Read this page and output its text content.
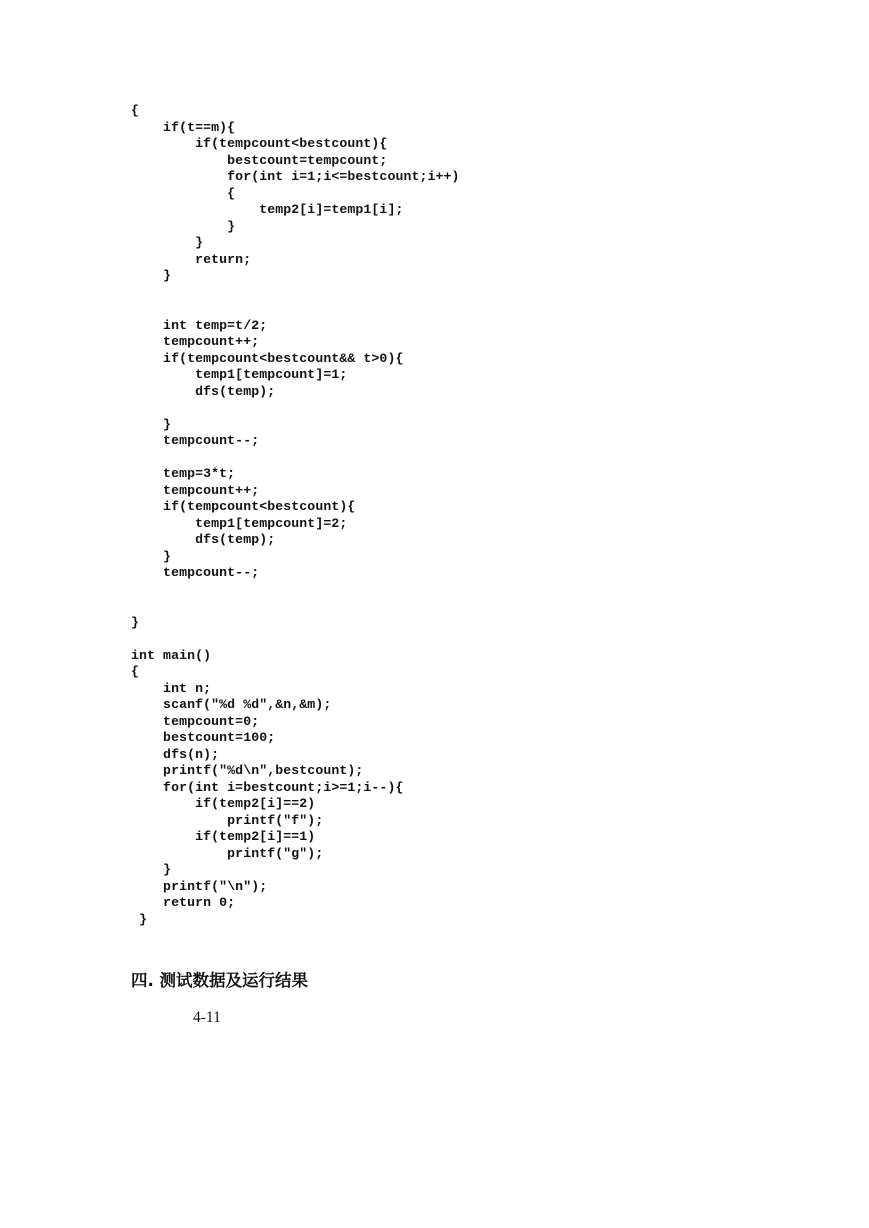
{
if(t==m){
if(tempcount<bestcount){
bestcount=tempcount;
for(int i=1;i<=bestcount;i++)
{
temp2[i]=temp1[i];
}
}
return;
}
int temp=t/2;
tempcount++;
if(tempcount<bestcount&& t>0){
temp1[tempcount]=1;
dfs(temp);
}
tempcount--;
temp=3*t;
tempcount++;
if(tempcount<bestcount){
temp1[tempcount]=2;
dfs(temp);
}
tempcount--;
}
int main()
{
int n;
scanf("%d %d",&n,&m);
tempcount=0;
bestcount=100;
dfs(n);
printf("%d\n",bestcount);
for(int i=bestcount;i>=1;i--){
if(temp2[i]==2)
printf("f");
if(temp2[i]==1)
printf("g");
}
printf("\n");
return 0;
}
四. 测试数据及运行结果
4-11
